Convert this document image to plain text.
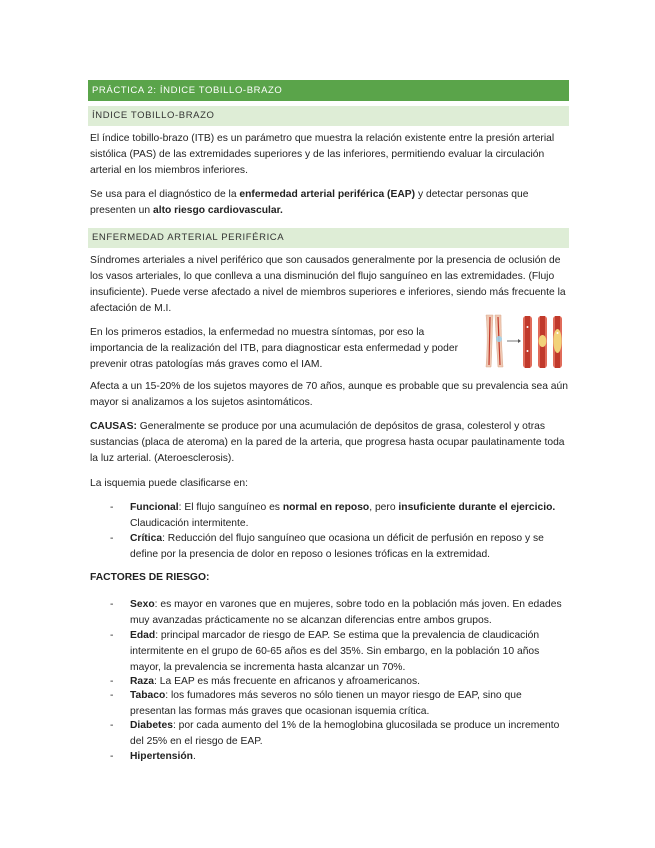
PRÁCTICA 2: ÍNDICE TOBILLO-BRAZO
ÍNDICE TOBILLO-BRAZO

El índice tobillo-brazo (ITB) es un parámetro que muestra la relación existente entre la presión arterial sistólica (PAS) de las extremidades superiores y de las inferiores, permitiendo evaluar la circulación arterial en los miembros inferiores.

Se usa para el diagnóstico de la enfermedad arterial periférica (EAP) y detectar personas que presenten un alto riesgo cardiovascular.

ENFERMEDAD ARTERIAL PERIFÉRICA

Síndromes arteriales a nivel periférico que son causados generalmente por la presencia de oclusión de los vasos arteriales, lo que conlleva a una disminución del flujo sanguíneo en las extremidades. (Flujo insuficiente). Puede verse afectado a nivel de miembros superiores e inferiores, siendo más frecuente la afectación de M.I.

En los primeros estadios, la enfermedad no muestra síntomas, por eso la importancia de la realización del ITB, para diagnosticar esta enfermedad y poder prevenir otras patologías más graves como el IAM.

Afecta a un 15-20% de los sujetos mayores de 70 años, aunque es probable que su prevalencia sea aún mayor si analizamos a los sujetos asintomáticos.

CAUSAS: Generalmente se produce por una acumulación de depósitos de grasa, colesterol y otras sustancias (placa de ateroma) en la pared de la arteria, que progresa hasta ocupar paulatinamente toda la luz arterial. (Ateroesclerosis).

La isquemia puede clasificarse en:

- Funcional: El flujo sanguíneo es normal en reposo, pero insuficiente durante el ejercicio. Claudicación intermitente.

- Crítica: Reducción del flujo sanguíneo que ocasiona un déficit de perfusión en reposo y se define por la presencia de dolor en reposo o lesiones tróficas en la extremidad.

FACTORES DE RIESGO:

- Sexo: es mayor en varones que en mujeres, sobre todo en la población más joven. En edades muy avanzadas prácticamente no se alcanzan diferencias entre ambos grupos.

- Edad: principal marcador de riesgo de EAP. Se estima que la prevalencia de claudicación intermitente en el grupo de 60-65 años es del 35%. Sin embargo, en la población 10 años mayor, la prevalencia se incrementa hasta alcanzar un 70%.

- Raza: La EAP es más frecuente en africanos y afroamericanos.

- Tabaco: los fumadores más severos no sólo tienen un mayor riesgo de EAP, sino que presentan las formas más graves que ocasionan isquemia crítica.

- Diabetes: por cada aumento del 1% de la hemoglobina glucosilada se produce un incremento del 25% en el riesgo de EAP.

- Hipertensión.
